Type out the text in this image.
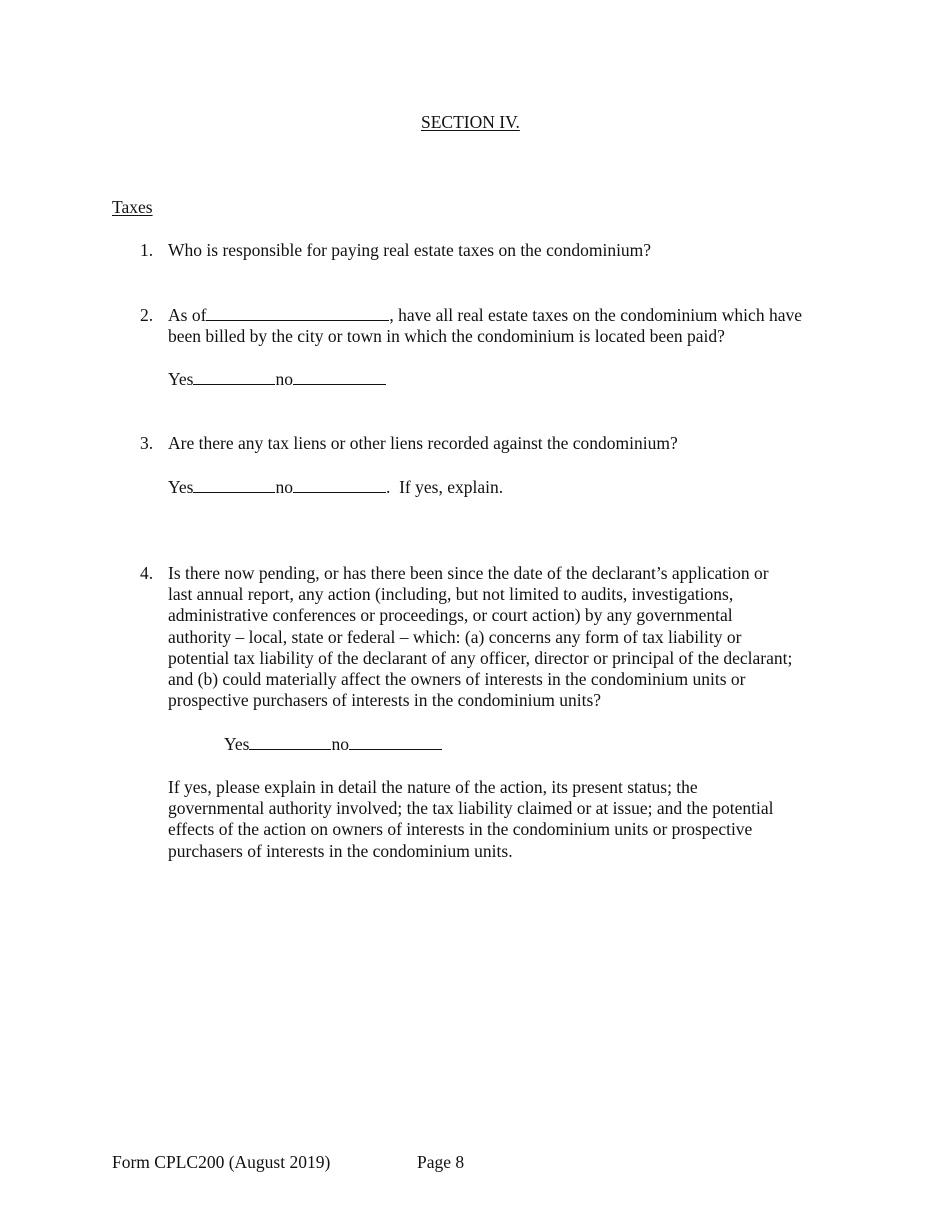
SECTION IV.
Taxes
1. Who is responsible for paying real estate taxes on the condominium?
2. As of	, have all real estate taxes on the condominium which have
been billed by the city or town in which the condominium is located been paid?
Yes	no
3. Are there any tax liens or other liens recorded against the condominium?
Yes	no	.  If yes, explain.
4. Is there now pending, or has there been since the date of the declarant’s application or
last annual report, any action (including, but not limited to audits, investigations,
administrative conferences or proceedings, or court action) by any governmental
authority – local, state or federal – which: (a) concerns any form of tax liability or
potential tax liability of the declarant of any officer, director or principal of the declarant;
and (b) could materially affect the owners of interests in the condominium units or
prospective purchasers of interests in the condominium units?
Yes	no
If yes, please explain in detail the nature of the action, its present status; the
governmental authority involved; the tax liability claimed or at issue; and the potential
effects of the action on owners of interests in the condominium units or prospective
purchasers of interests in the condominium units.
Form CPLC200 (August 2019)	Page 8
